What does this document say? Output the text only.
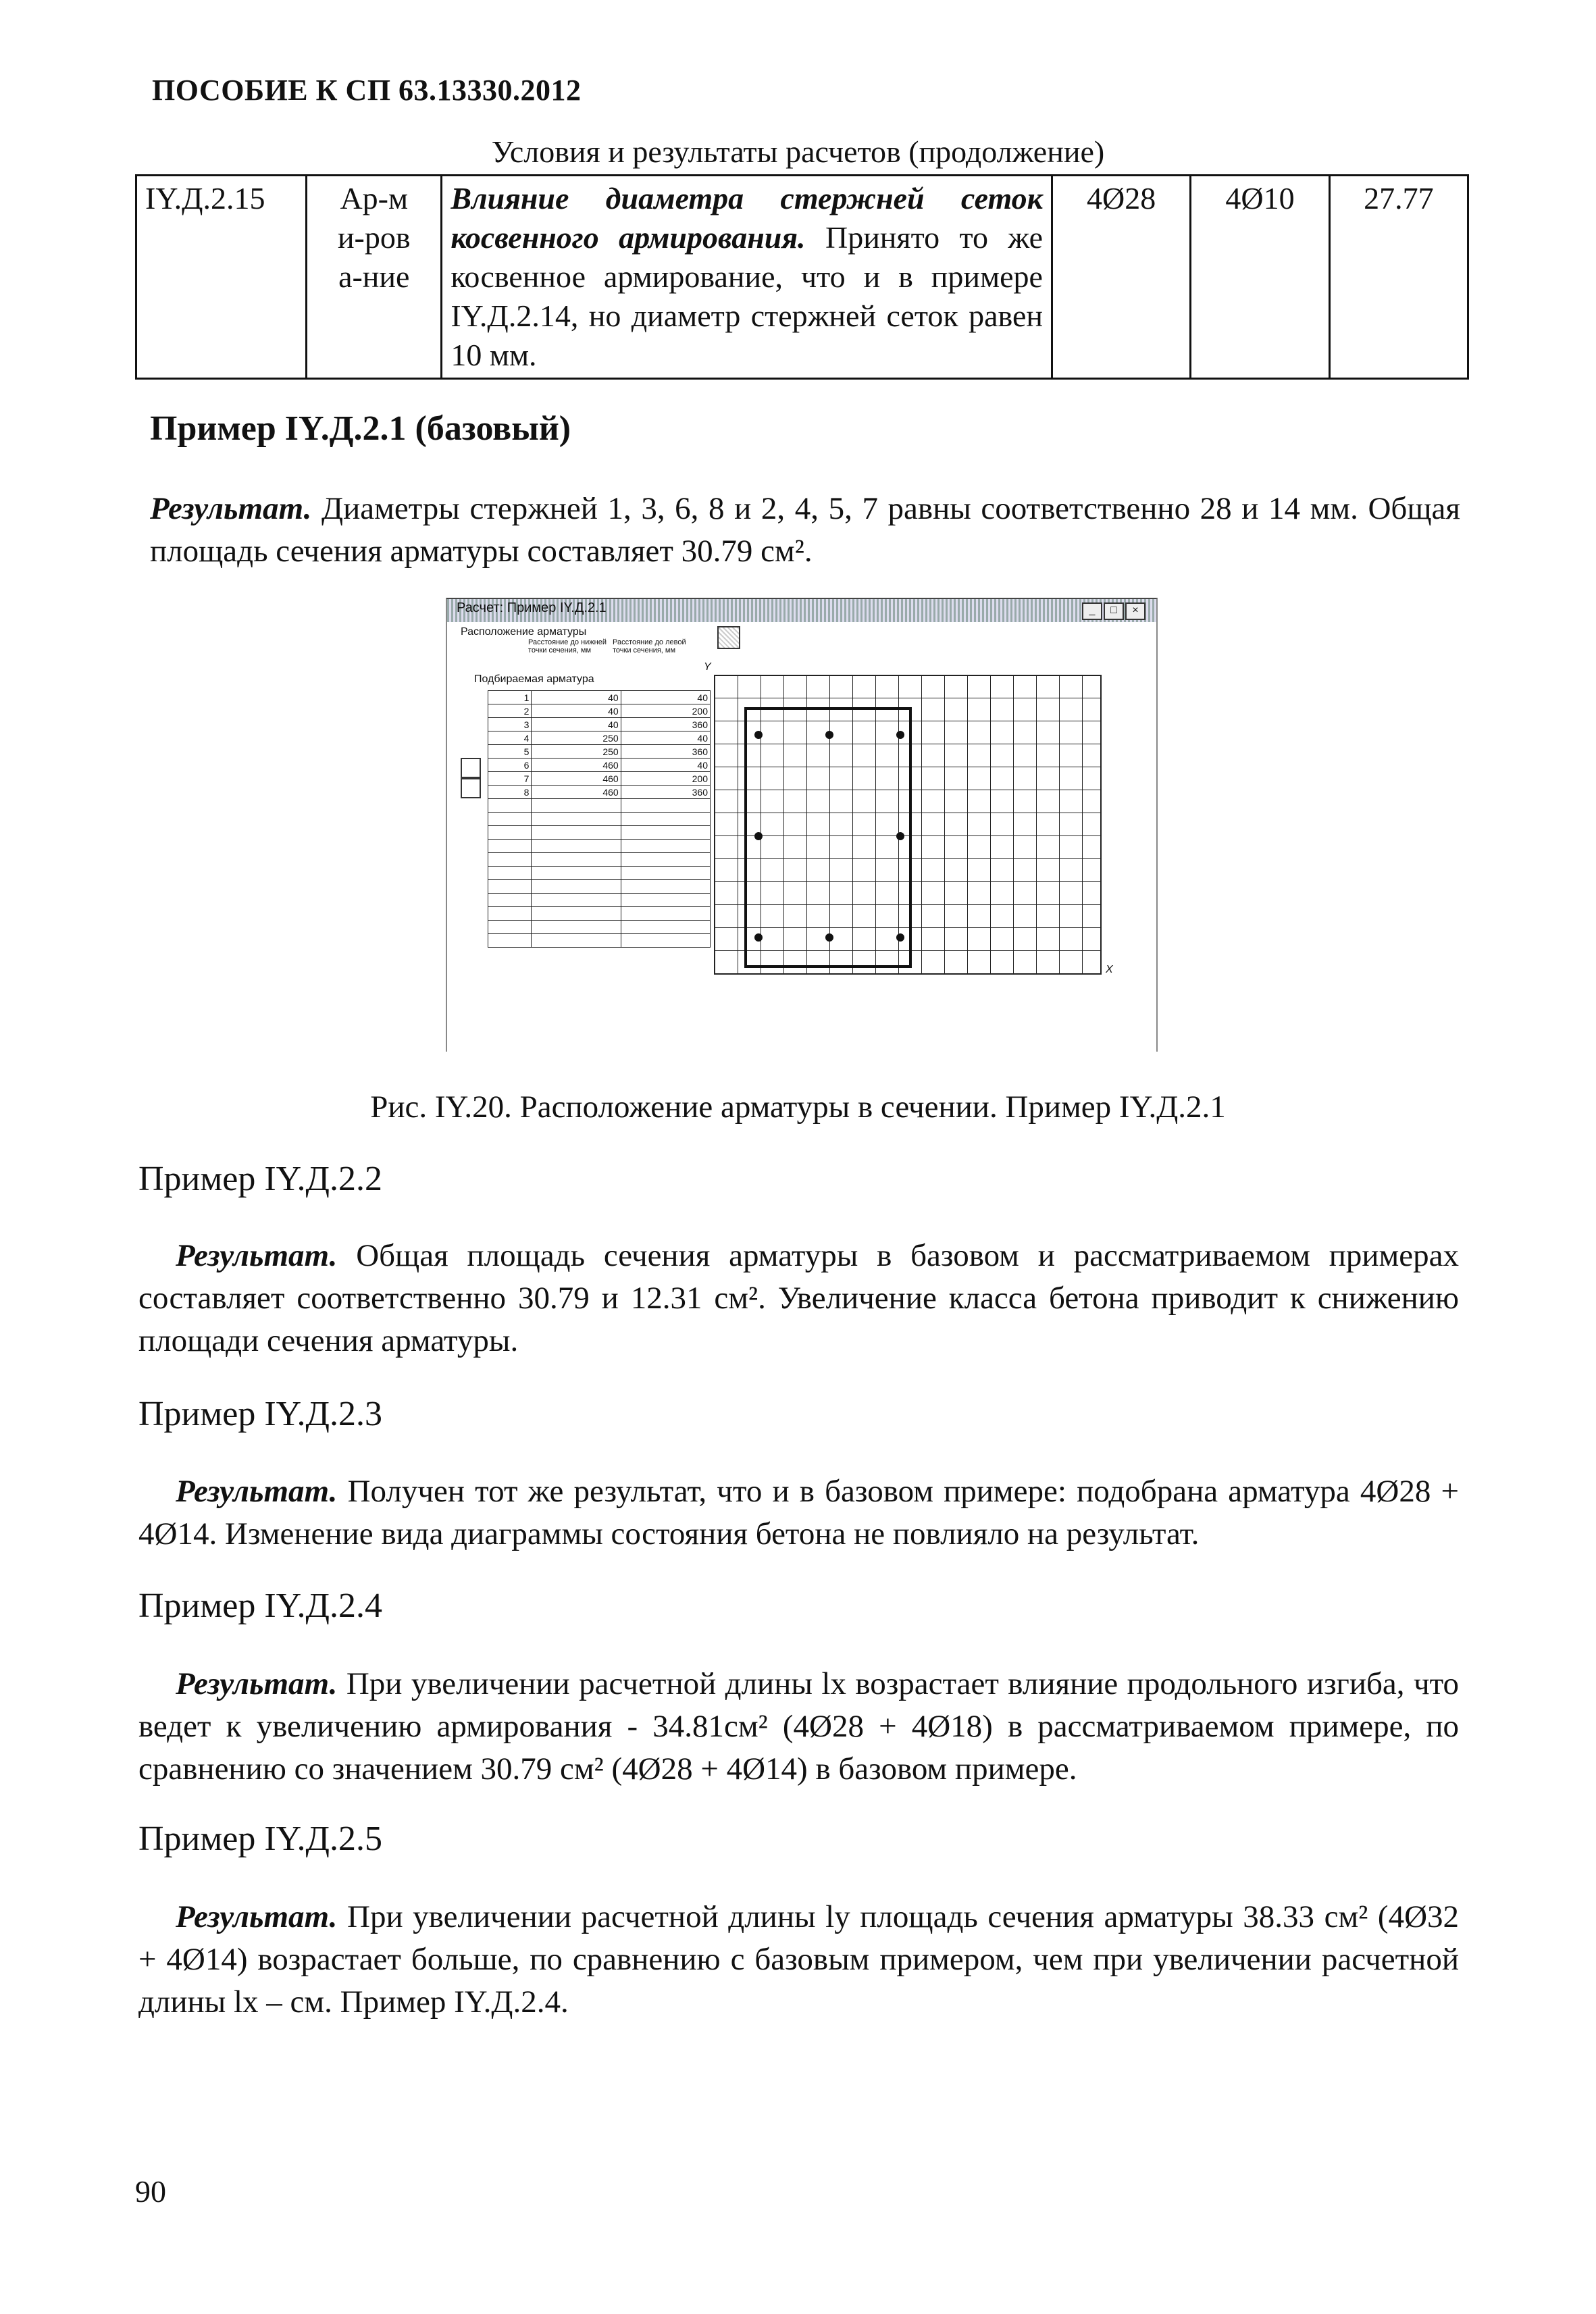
ПОСОБИЕ К СП 63.13330.2012
Условия и результаты расчетов (продолжение)
IY.Д.2.15	Ар-ми-рова-ние	Влияние диаметра стержней сеток косвенного армирования. Принято то же косвенное армирование, что и в примере IY.Д.2.14, но диаметр стержней сеток равен 10 мм.	4Ø28	4Ø10	27.77
Пример IY.Д.2.1 (базовый)
Результат. Диаметры стержней 1, 3, 6, 8 и 2, 4, 5, 7 равны соответственно 28 и 14 мм. Общая площадь сечения арматуры составляет 30.79 см².
Расчет: Пример IY.Д.2.1	_	□	×
Расположение арматуры
Расстояние до нижней точки сечения, мм
Расстояние до левой точки сечения, мм
Подбираемая арматура
1	40	40
2	40	200
3	40	360
4	250	40
5	250	360
6	460	40
7	460	200
8	460	360

Y
X
Рис. IY.20. Расположение арматуры в сечении. Пример IY.Д.2.1
Пример IY.Д.2.2
Результат. Общая площадь сечения арматуры в базовом и рассматриваемом примерах составляет соответственно 30.79 и 12.31 см². Увеличение класса бетона приводит к снижению площади сечения арматуры.
Пример IY.Д.2.3
Результат. Получен тот же результат, что и в базовом примере: подобрана арматура 4Ø28 + 4Ø14. Изменение вида диаграммы состояния бетона не повлияло на результат.
Пример IY.Д.2.4
Результат. При увеличении расчетной длины lx возрастает влияние продольного изгиба, что ведет к увеличению армирования - 34.81см² (4Ø28 + 4Ø18) в рассматриваемом примере, по сравнению со значением 30.79 см² (4Ø28 + 4Ø14) в базовом примере.
Пример IY.Д.2.5
Результат. При увеличении расчетной длины ly площадь сечения арматуры 38.33 см² (4Ø32 + 4Ø14) возрастает больше, по сравнению с базовым примером, чем при увеличении расчетной длины lx – см. Пример IY.Д.2.4.
90
